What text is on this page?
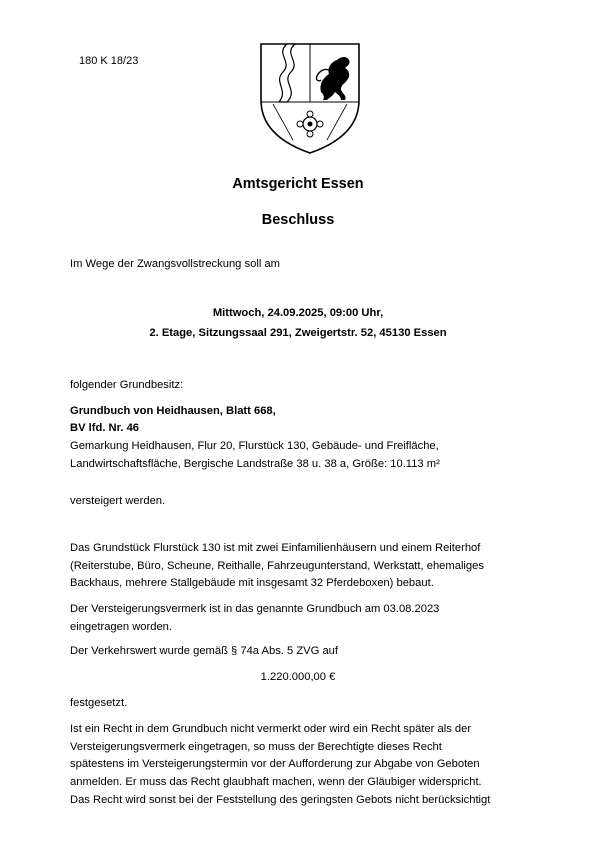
180 K 18/23
Amtsgericht Essen
Beschluss
Im Wege der Zwangsvollstreckung soll am
Mittwoch, 24.09.2025, 09:00 Uhr,
2. Etage, Sitzungssaal 291, Zweigertstr. 52, 45130 Essen
folgender Grundbesitz:
Grundbuch von Heidhausen, Blatt 668,
BV lfd. Nr. 46
Gemarkung Heidhausen, Flur 20, Flurstück 130, Gebäude- und Freifläche,
Landwirtschaftsfläche, Bergische Landstraße 38 u. 38 a, Größe: 10.113 m²
versteigert werden.
Das Grundstück Flurstück 130 ist mit zwei Einfamilienhäusern und einem Reiterhof
(Reiterstube, Büro, Scheune, Reithalle, Fahrzeugunterstand, Werkstatt, ehemaliges
Backhaus, mehrere Stallgebäude mit insgesamt 32 Pferdeboxen) bebaut.
Der Versteigerungsvermerk ist in das genannte Grundbuch am 03.08.2023
eingetragen worden.
Der Verkehrswert wurde gemäß § 74a Abs. 5 ZVG auf
1.220.000,00 €
festgesetzt.
Ist ein Recht in dem Grundbuch nicht vermerkt oder wird ein Recht später als der
Versteigerungsvermerk eingetragen, so muss der Berechtigte dieses Recht
spätestens im Versteigerungstermin vor der Aufforderung zur Abgabe von Geboten
anmelden. Er muss das Recht glaubhaft machen, wenn der Gläubiger widerspricht.
Das Recht wird sonst bei der Feststellung des geringsten Gebots nicht berücksichtigt
